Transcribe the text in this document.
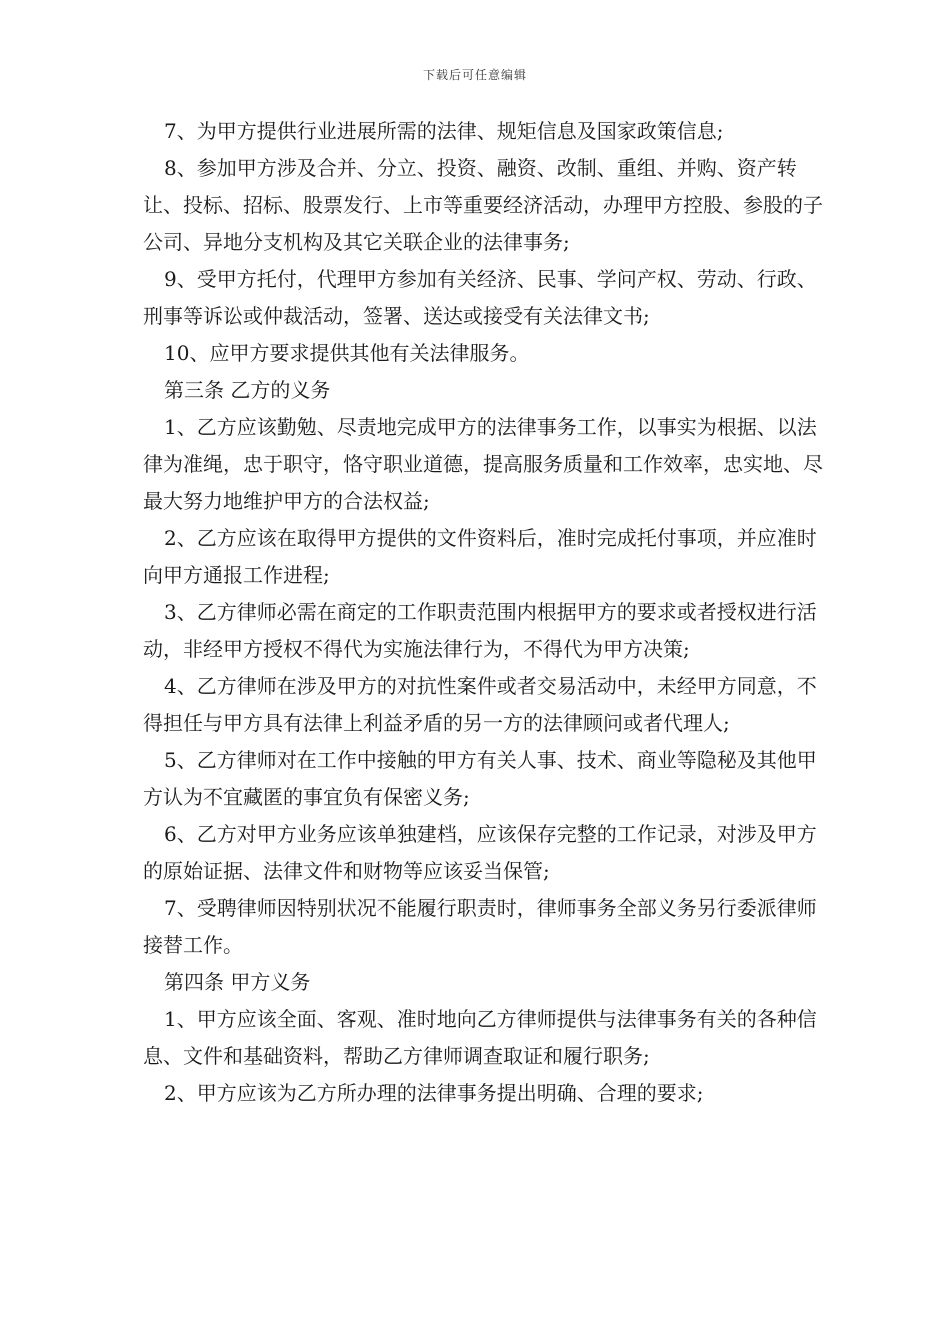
下载后可任意编辑

7、为甲方提供行业进展所需的法律、规矩信息及国家政策信息;

8、参加甲方涉及合并、分立、投资、融资、改制、重组、并购、资产转让、投标、招标、股票发行、上市等重要经济活动，办理甲方控股、参股的子公司、异地分支机构及其它关联企业的法律事务;

9、受甲方托付，代理甲方参加有关经济、民事、学问产权、劳动、行政、刑事等诉讼或仲裁活动，签署、送达或接受有关法律文书;

10、应甲方要求提供其他有关法律服务。

第三条 乙方的义务

1、乙方应该勤勉、尽责地完成甲方的法律事务工作，以事实为根据、以法律为准绳，忠于职守，恪守职业道德，提高服务质量和工作效率，忠实地、尽最大努力地维护甲方的合法权益;

2、乙方应该在取得甲方提供的文件资料后，准时完成托付事项，并应准时向甲方通报工作进程;

3、乙方律师必需在商定的工作职责范围内根据甲方的要求或者授权进行活动，非经甲方授权不得代为实施法律行为，不得代为甲方决策;

4、乙方律师在涉及甲方的对抗性案件或者交易活动中，未经甲方同意，不得担任与甲方具有法律上利益矛盾的另一方的法律顾问或者代理人;

5、乙方律师对在工作中接触的甲方有关人事、技术、商业等隐秘及其他甲方认为不宜藏匿的事宜负有保密义务;

6、乙方对甲方业务应该单独建档，应该保存完整的工作记录，对涉及甲方的原始证据、法律文件和财物等应该妥当保管;

7、受聘律师因特别状况不能履行职责时，律师事务全部义务另行委派律师接替工作。

第四条 甲方义务

1、甲方应该全面、客观、准时地向乙方律师提供与法律事务有关的各种信息、文件和基础资料，帮助乙方律师调查取证和履行职务;

2、甲方应该为乙方所办理的法律事务提出明确、合理的要求;
